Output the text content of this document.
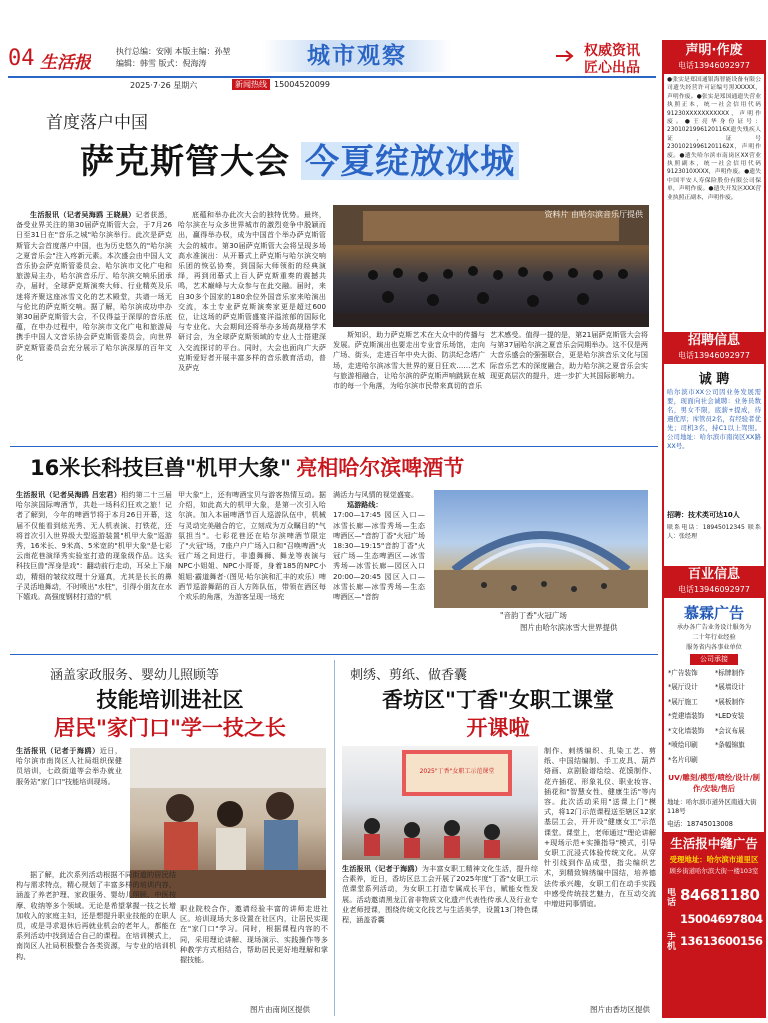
04 生活报
执行总编：安刚 本版主编：孙堃
编辑：韩雪 版式：倪海涛	城市观察	权威资讯
匠心出品
2025·7·26 星期六	新闻热线 15004520099
首度落户中国
萨克斯管大会 今夏绽放冰城

生活报讯（记者吴海鸥 王晓晨）记者获悉，备受业界关注的第30届萨克斯管大会，于7月26日至31日在"音乐之城"哈尔滨举行。此次是萨克斯管大会首度落户中国，也为历史悠久的"哈尔滨之夏音乐会"注入疼新元素。本次盛会由中国人文音乐协会萨克斯管委员会、哈尔滨市文化广电和旅游局主办，哈尔滨音乐厅、哈尔滨交响乐团承办，届时，全球萨克斯演奏大师、行业精英及乐迷将齐聚这座冰雪文化的艺术殿堂，共谱一场无与伦比的萨克斯交响。据了解，哈尔滨成功申办第30届萨克斯管大会，不仅得益于深厚的音乐底蕴，在申办过程中，哈尔滨市文化广电和旅游局携手中国人文音乐协会萨克斯管委员会，向世界萨克斯管委员会充分展示了哈尔滨深厚的百年文化

底蕴和举办此次大会的独特优势。最终，哈尔滨在与众多世界城市的激烈竞争中脱颖而出，赢得举办权，成为中国首个举办萨克斯管大会的城市。第30届萨克斯管大会将呈现多场高水准演出：从开幕式上萨克斯与哈尔滨交响乐团的恢弘协奏，到国际大师领衔的经典演绎，再到闭幕式上百人萨克斯重奏的震撼共鸣，艺术巅峰与大众参与在此交融。届时，来自30多个国家的180余位外国音乐家来哈演出交流，本土专业萨克斯演奏家更是超过600位，让这场的萨克斯管盛宴洋溢浓郁的国际化与专业化。大会期间还将举办多场高规格学术研讨会，为全球萨克斯领域的专业人士搭建深入交流探讨的平台。同时，大会也面向广大萨克斯爱好者开展丰富多样的音乐教育活动，普及萨克

资料片 由哈尔滨音乐厅提供

斯知识，助力萨克斯艺术在大众中的传播与发展。萨克斯演出也要走出专业音乐场馆，走向广场、街头，走进百年中央大街、防洪纪念塔广场，走进哈尔滨冰雪大世界的夏日狂欢……艺术与旅游相融合，让哈尔滨的萨克斯声响跳跃在城市的每一个角落，为哈尔滨市民带来真切的音乐

艺术感受。值得一提的是，第21届萨克斯管大会将与第37届哈尔滨之夏音乐会同期举办。这不仅是两大音乐盛会的强强联合，更是哈尔滨音乐文化与国际音乐艺术的深度融合，助力哈尔滨之夏音乐会实现更高层次的提升，进一步扩大其国际影响力。

16米长科技巨兽"机甲大象" 亮相哈尔滨啤酒节

生活报讯（记者吴海鸥 吕宏君）相约第二十三届哈尔滨国际啤酒节，共赴一场科幻狂欢之旅！记者了解到，今年的啤酒节将于本月26日开幕，这届不仅能看到炫光秀、无人机表演、打铁花，还将首次引入世界级大型巡游装置"机甲大象"巡游秀，16米长、9米高、5米宽的"机甲大象"是七彩云南花巷演绎秀实验室打造的现象级作品。这头科技巨兽"浑身是戏"：翻动前行走动，耳朵上下扇动，精细的皱纹纹理十分逼真，尤其是长长的鼻子灵活地舞动，不时喷出"水柱"，引得小朋友在水下嬉戏。高强度钢材打造的"机

甲大象"上，还有啤酒宝贝与游客热情互动。据介绍，如此高大的机甲大象，是第一次引入哈尔滨。加入本届啤酒节百人巡游队伍中，机械与灵动完美融合的它，立刻成为万众瞩目的"气氛担当"。七彩花巷还在哈尔滨啤酒节限定了"火冠"场，7座户户广场入口和"召唤啤酒"火冠广场之间进行，非遗舞狮、舞龙等表演与NPC小姐姐、NPC小哥哥，身着185的NPC小姐姐·霸道舞者·（图见·哈尔滨和汇丰的欢乐）啤酒节巡游舞蹈的百人方阵队伍，带领在酒区每个欢乐的角落，为游客呈现一场充

满活力与风情的视觉盛宴。

巡游路线：

17:00—17:45 园区入口—冰雪长廊—冰雪秀场—生态啤酒区—"音韵丁香"火冠广场 18:30—19:15"音韵丁香"火冠广场—生态啤酒区—冰雪秀场—冰雪长廊—园区入口 20:00—20:45 园区入口—冰雪长廊—冰雪秀场—生态啤酒区—"音韵

"音韵丁香"火冠广场
图片由哈尔滨冰雪大世界提供
涵盖家政服务、婴幼儿照顾等
技能培训进社区
居民"家门口"学一技之长

生活报讯（记者于海鸥）近日，哈尔滨市南岗区人社局组织保健员培训，七政街道等会举办就业服务站"家门口"技能培训现场。

据了解，此次系列活动根据不同街道的居民结构与需求特点，精心规划了丰富多样的培训内容，涵盖了养老护理、家政服务、婴幼儿照顾、中医按摩、收纳等多个领域。无论是希望掌握一技之长增加收入的家庭主妇，还是想提升职业技能的在职人员，或是寻求退休后再就业机会的老年人，都能在系列活动中找到适合自己的课程。在培训模式上，南岗区人社局积极整合各类资源，与专业的培训机构、

职业院校合作，邀请经验丰富的讲师走进社区。培训现场大多设置在社区内，让居民实现在"家门口"学习。同时，根据课程内容的不同，采用理论讲解、现场演示、实践操作等多种教学方式相结合，帮助居民更好地理解和掌握技能。

图片由南岗区提供
刺绣、剪纸、做香囊
香坊区"丁香"女职工课堂
开课啦
2025"丁香"女职工示范课堂

生活报讯（记者于海鸥）为丰富女职工精神文化生活，提升综合素养，近日，香坊区总工会开展了2025年度"丁香"女职工示范课堂系列活动，为女职工打造专属成长平台，赋能女性发展。活动邀请黑龙江省非物质文化遗产代表性传承人及行业专业老师授课，围绕传统文化技艺与生活美学，设置13门特色课程，涵盖香囊

制作、刺绣编织、扎染工艺、剪纸、中国结编制、手工皮具、葫芦烙画、京剧脸谱绘绘、花馍制作、花卉插花、形象礼仪、职业妆容、插花和"智慧女性、健康生活"等内容。此次活动采用"送课上门"模式，将12门示范课程送至辖区12家基层工会，开开设"健康女工"示范课堂。课堂上，老师通过"理论讲解+现场示范+实操指导"模式，引导女职工沉浸式体验传统文化。从穿针引线到作品成型，指尖编织艺术，到精致锦绣编中国结，培养德法传承兴趣，女职工们在动手实践中感受传统技艺魅力，在互动交流中增进同事情谊。

图片由香坊区提供
声明·作废
电话13946092977
●张实是郑国通银海智能设备有限公司遗失经营许可证编号黑XXXXX，声明作废。●张实是郑国通遗失营业执照正本，统一社会信用代码91230XXXXXXXXXXX，声明作废。●王亮华身份证号：2301021996120116X遗失残疾人证，证号23010219961201162X，声明作废。●遗失哈尔滨市南岗区XX营业执照副本，统一社会信用代码9123010XXXX，声明作废。●遗失中国平安人寿保险股份有限公司保单，声明作废。●遗失开发区XXX营业执照正副本，声明作废。
招聘信息
电话13946092977
诚 聘
哈尔滨市XX公司因业务发展需要，现面向社会诚聘：业务员数名，男女不限，底薪+提成，待遇优厚；库管员2名，有经验者优先；司机3名，持C1以上驾照。公司地址：哈尔滨市南岗区XX路XX号。
招聘：技术类可达10人
联系电话：18945012345 联系人：张经理
百业信息
电话13946092977
慕霖广告
承办各广告业务设计服务为
二十年行业经验
服务省内各事业单位
公司承接
*广告装饰	*标牌制作
*展厅设计	*展墙设计
*展厅施工	*展板制作
*党建墙装饰	*LED安装
*文化墙装饰	*会议布展
*喷绘印刷	*条幅锦旗
*名片印刷
UV/雕刻/模型/喷绘/设计/制作/安装/售后
地址：哈尔滨市道外区南通大街118号
电话：18745013008
生活报中缝广告
受理地址：哈尔滨市道里区
顾乡街道哈尔滨大街一楼103室
电话
手机
84681180
15004697804
13613600156
